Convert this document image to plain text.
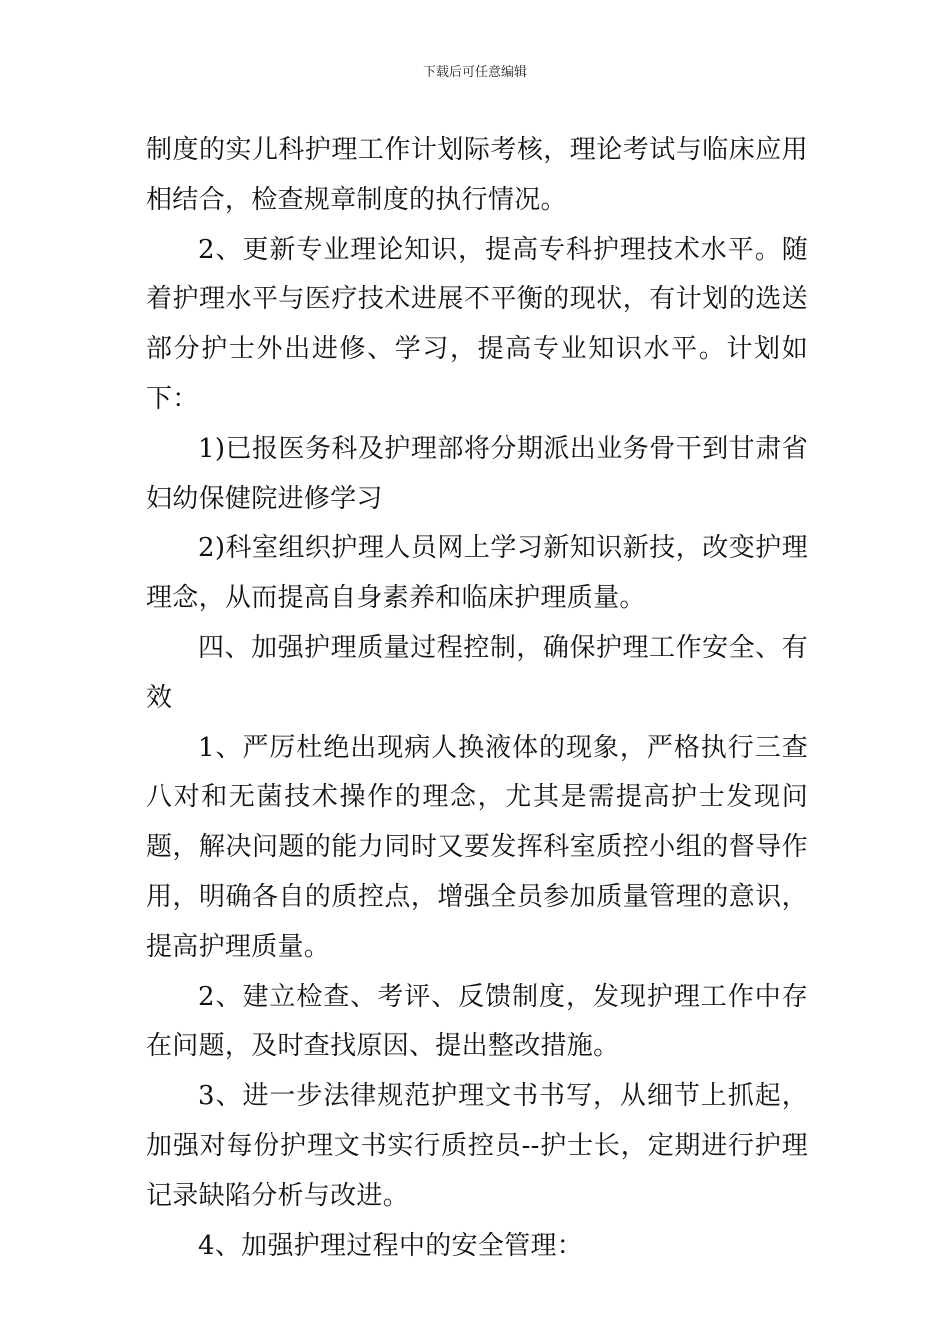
下载后可任意编辑

制度的实儿科护理工作计划际考核，理论考试与临床应用相结合，检查规章制度的执行情况。

2、更新专业理论知识，提高专科护理技术水平。随着护理水平与医疗技术进展不平衡的现状，有计划的选送部分护士外出进修、学习，提高专业知识水平。计划如下：

1)已报医务科及护理部将分期派出业务骨干到甘肃省妇幼保健院进修学习

2)科室组织护理人员网上学习新知识新技，改变护理理念，从而提高自身素养和临床护理质量。

四、加强护理质量过程控制，确保护理工作安全、有效

1、严厉杜绝出现病人换液体的现象，严格执行三查八对和无菌技术操作的理念，尤其是需提高护士发现问题，解决问题的能力同时又要发挥科室质控小组的督导作用，明确各自的质控点，增强全员参加质量管理的意识，提高护理质量。

2、建立检查、考评、反馈制度，发现护理工作中存在问题，及时查找原因、提出整改措施。

3、进一步法律规范护理文书书写，从细节上抓起，加强对每份护理文书实行质控员--护士长，定期进行护理记录缺陷分析与改进。

4、加强护理过程中的安全管理：
